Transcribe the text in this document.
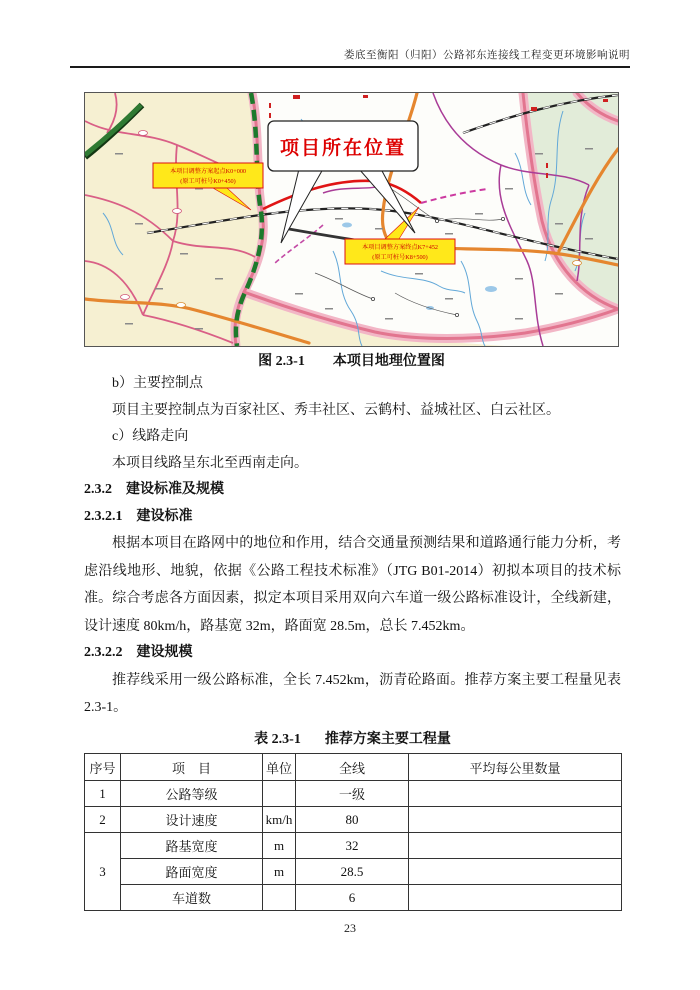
娄底至衡阳（归阳）公路祁东连接线工程变更环境影响说明
本项目调整方案起点K0+000
(原工可桩号K0+450)
本项目调整方案终点K7+452
(原工可桩号K8+500)
项目所在位置
图 2.3-1 本项目地理位置图
b）主要控制点
项目主要控制点为百家社区、秀丰社区、云鹤村、益城社区、白云社区。
c）线路走向
本项目线路呈东北至西南走向。
2.3.2　建设标准及规模
2.3.2.1　建设标准

根据本项目在路网中的地位和作用，结合交通量预测结果和道路通行能力分析，考虑沿线地形、地貌，依据《公路工程技术标准》（JTG B01-2014）初拟本项目的技术标准。综合考虑各方面因素，拟定本项目采用双向六车道一级公路标准设计，全线新建，设计速度 80km/h，路基宽 32m，路面宽 28.5m，总长 7.452km。

2.3.2.2　建设规模

推荐线采用一级公路标准，全长 7.452km，沥青砼路面。推荐方案主要工程量见表 2.3-1。

表 2.3-1 推荐方案主要工程量
序号	项　目	单位	全线	平均每公里数量
1	公路等级		一级	
2	设计速度	km/h	80	
3	路基宽度	m	32	
	路面宽度	m	28.5	
	车道数		6	
23
